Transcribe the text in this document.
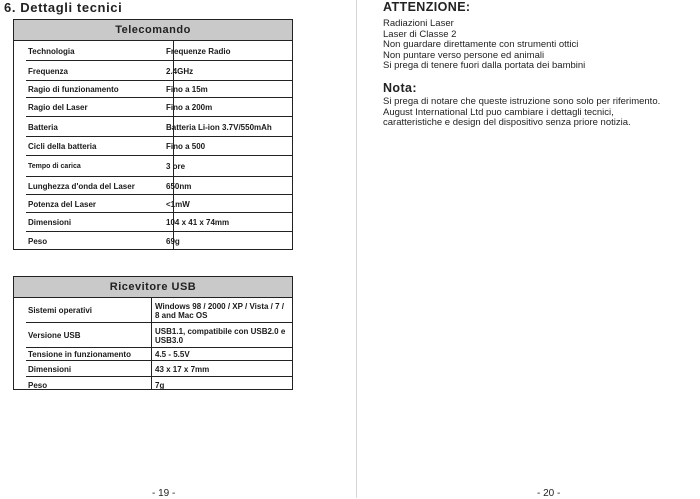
6. Dettagli tecnici
Telecomando
Technologia	Frequenze Radio
Frequenza	2.4GHz
Ragio di funzionamento	Fino a 15m
Ragio del Laser	Fino a 200m
Batteria	Batteria Li-ion 3.7V/550mAh
Cicli della batteria	Fino a 500
Tempo di carica	3 ore
Lunghezza d'onda del Laser	650nm
Potenza del Laser	<1mW
Dimensioni	104 x 41 x 74mm
Peso	69g
Ricevitore USB
Sistemi operativi	Windows 98 / 2000 / XP / Vista / 7 / 8 and Mac OS
Versione USB	USB1.1, compatibile con USB2.0 e USB3.0
Tensione in funzionamento	4.5 - 5.5V
Dimensioni	43 x 17 x 7mm
Peso	7g
- 19 -
ATTENZIONE:
Radiazioni Laser
Laser di Classe 2
Non guardare direttamente con strumenti ottici
Non puntare verso persone ed animali
Si prega di tenere fuori dalla portata dei bambini
Nota:
Si prega di notare che queste istruzione sono solo per riferimento.
August International Ltd puo cambiare i dettagli tecnici,
caratteristiche e design del dispositivo senza priore notizia.
- 20 -
